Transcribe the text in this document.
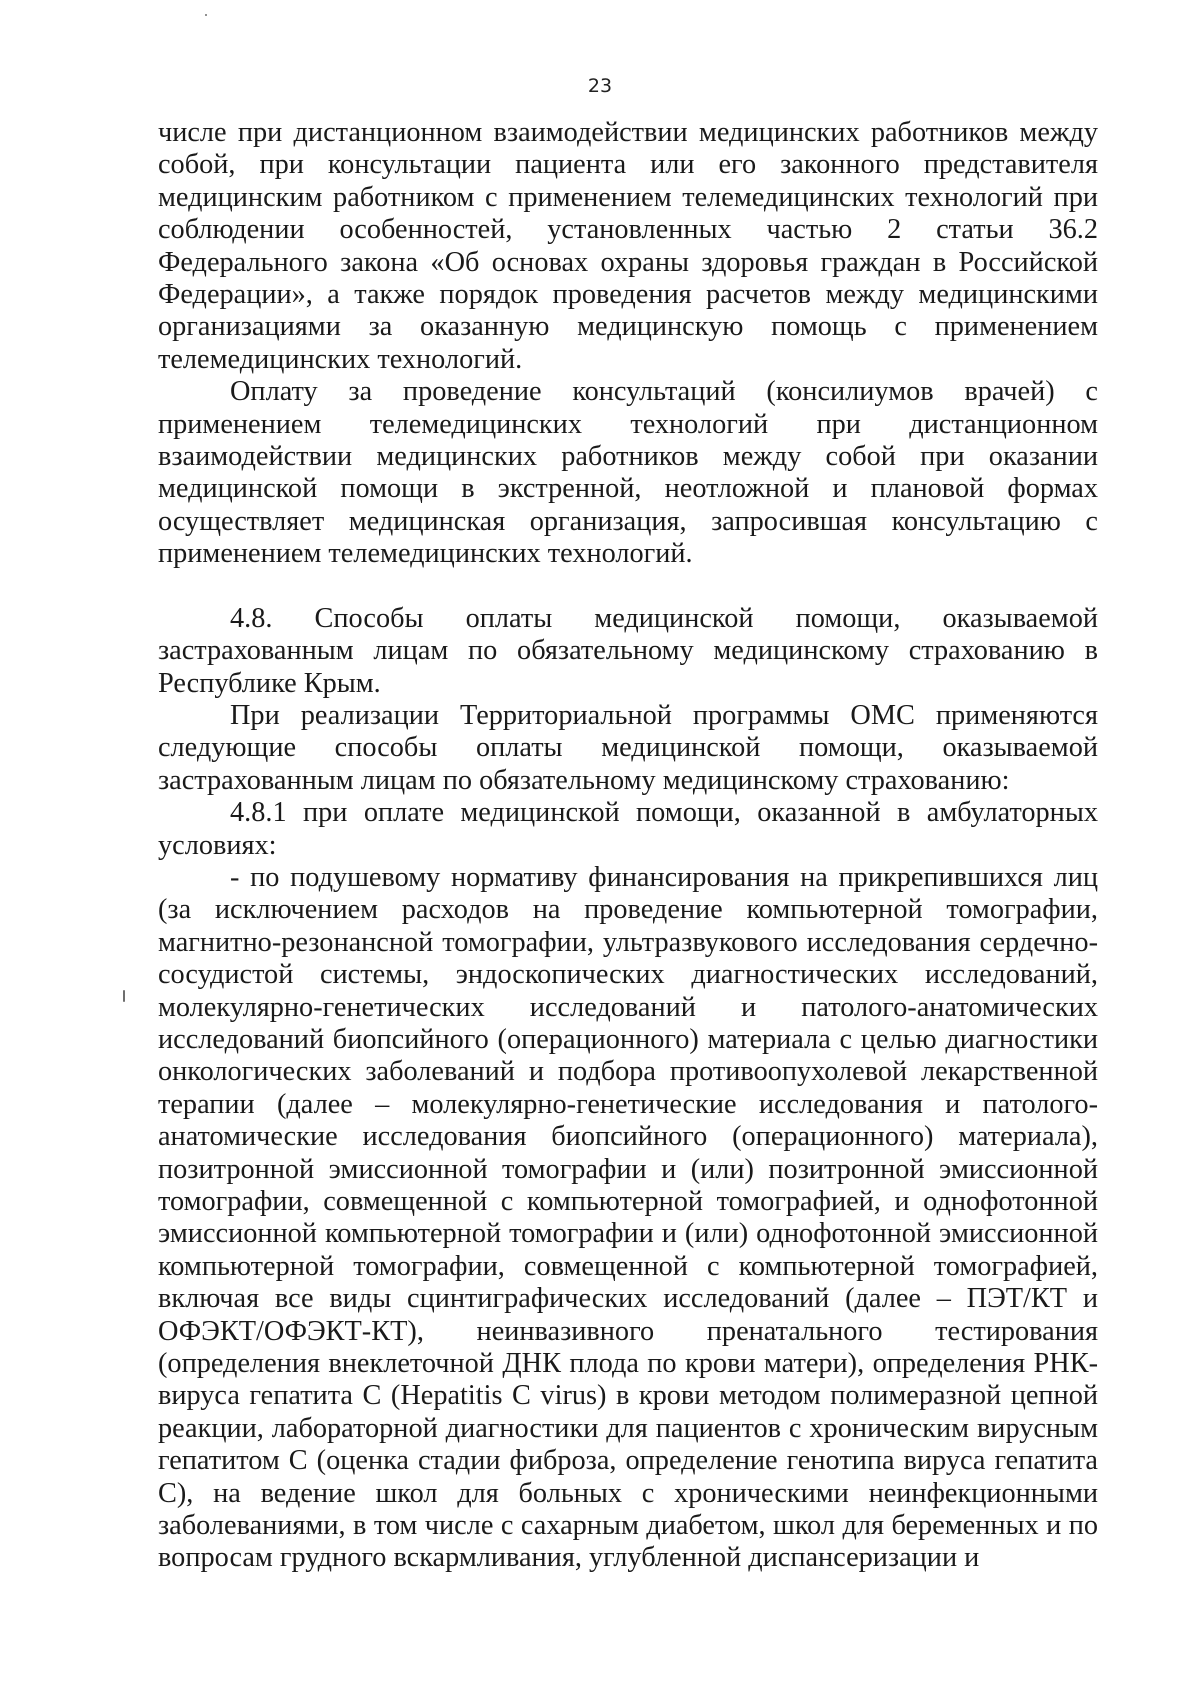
23

числе при дистанционном взаимодействии медицинских работников между собой, при консультации пациента или его законного представителя медицинским работником с применением телемедицинских технологий при соблюдении особенностей, установленных частью 2 статьи 36.2 Федерального закона «Об основах охраны здоровья граждан в Российской Федерации», а также порядок проведения расчетов между медицинскими организациями за оказанную медицинскую помощь с применением телемедицинских технологий.

Оплату за проведение консультаций (консилиумов врачей) с применением телемедицинских технологий при дистанционном взаимодействии медицинских работников между собой при оказании медицинской помощи в экстренной, неотложной и плановой формах осуществляет медицинская организация, запросившая консультацию с применением телемедицинских технологий.

4.8. Способы оплаты медицинской помощи, оказываемой застрахованным лицам по обязательному медицинскому страхованию в Республике Крым.

При реализации Территориальной программы ОМС применяются следующие способы оплаты медицинской помощи, оказываемой застрахованным лицам по обязательному медицинскому страхованию:

4.8.1 при оплате медицинской помощи, оказанной в амбулаторных условиях:

- по подушевому нормативу финансирования на прикрепившихся лиц (за исключением расходов на проведение компьютерной томографии, магнитно-резонансной томографии, ультразвукового исследования сердечно-сосудистой системы, эндоскопических диагностических исследований, молекулярно-генетических исследований и патолого-анатомических исследований биопсийного (операционного) материала с целью диагностики онкологических заболеваний и подбора противоопухолевой лекарственной терапии (далее – молекулярно-генетические исследования и патолого-анатомические исследования биопсийного (операционного) материала), позитронной эмиссионной томографии и (или) позитронной эмиссионной томографии, совмещенной с компьютерной томографией, и однофотонной эмиссионной компьютерной томографии и (или) однофотонной эмиссионной компьютерной томографии, совмещенной с компьютерной томографией, включая все виды сцинтиграфических исследований (далее – ПЭТ/КТ и ОФЭКТ/ОФЭКТ-КТ), неинвазивного пренатального тестирования (определения внеклеточной ДНК плода по крови матери), определения РНК-вируса гепатита С (Hepatitis C virus) в крови методом полимеразной цепной реакции, лабораторной диагностики для пациентов с хроническим вирусным гепатитом С (оценка стадии фиброза, определение генотипа вируса гепатита С), на ведение школ для больных с хроническими неинфекционными заболеваниями, в том числе с сахарным диабетом, школ для беременных и по вопросам грудного вскармливания, углубленной диспансеризации и
